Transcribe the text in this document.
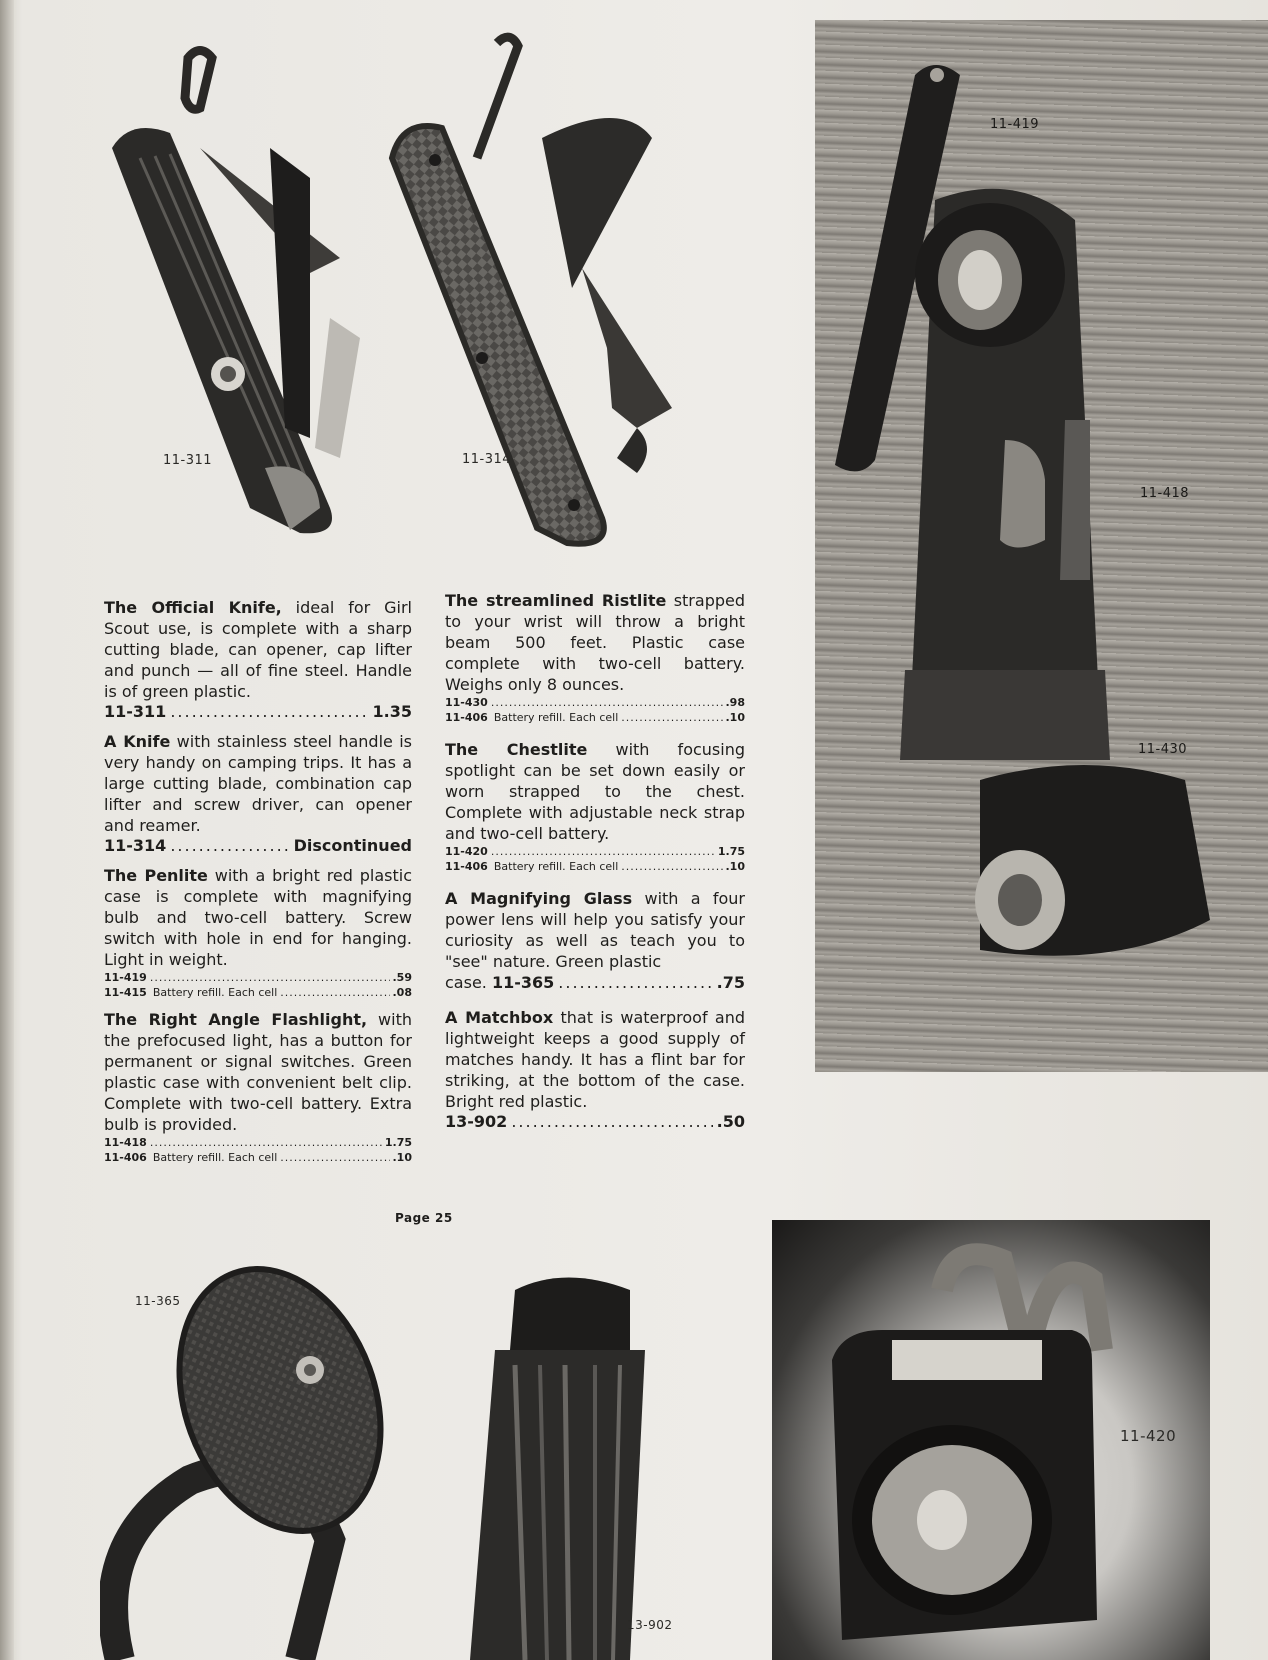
11-311	11-314
11-419
11-418
11-430
The Official Knife, ideal for Girl Scout use, is complete with a sharp cutting blade, can opener, cap lifter and punch — all of fine steel. Handle is of green plastic.
11-311 .....	1.35
A Knife with stainless steel handle is very handy on camping trips. It has a large cutting blade, combination cap lifter and screw driver, can opener and reamer.
11-314 .....	Discontinued
The Penlite with a bright red plastic case is complete with magnifying bulb and two-cell battery. Screw switch with hole in end for hanging. Light in weight.
11-419 .....	.59
11-415 Battery refill. Each cell .....	.08
The Right Angle Flashlight, with the prefocused light, has a button for permanent or signal switches. Green plastic case with convenient belt clip. Complete with two-cell battery. Extra bulb is provided.
11-418 .....	1.75
11-406 Battery refill. Each cell .....	.10
The streamlined Ristlite strapped to your wrist will throw a bright beam 500 feet. Plastic case complete with two-cell battery. Weighs only 8 ounces.
11-430 .....	.98
11-406 Battery refill. Each cell .....	.10
The Chestlite with focusing spotlight can be set down easily or worn strapped to the chest. Complete with adjustable neck strap and two-cell battery.
11-420 .....	1.75
11-406 Battery refill. Each cell .....	.10
A Magnifying Glass with a four power lens will help you satisfy your curiosity as well as teach you to "see" nature. Green plastic
case.
11-365 .....	.75
A Matchbox that is waterproof and lightweight keeps a good supply of matches handy. It has a flint bar for striking, at the bottom of the case. Bright red plastic.
13-902 .....	.50
Page 25
11-365
13-902
11-420
